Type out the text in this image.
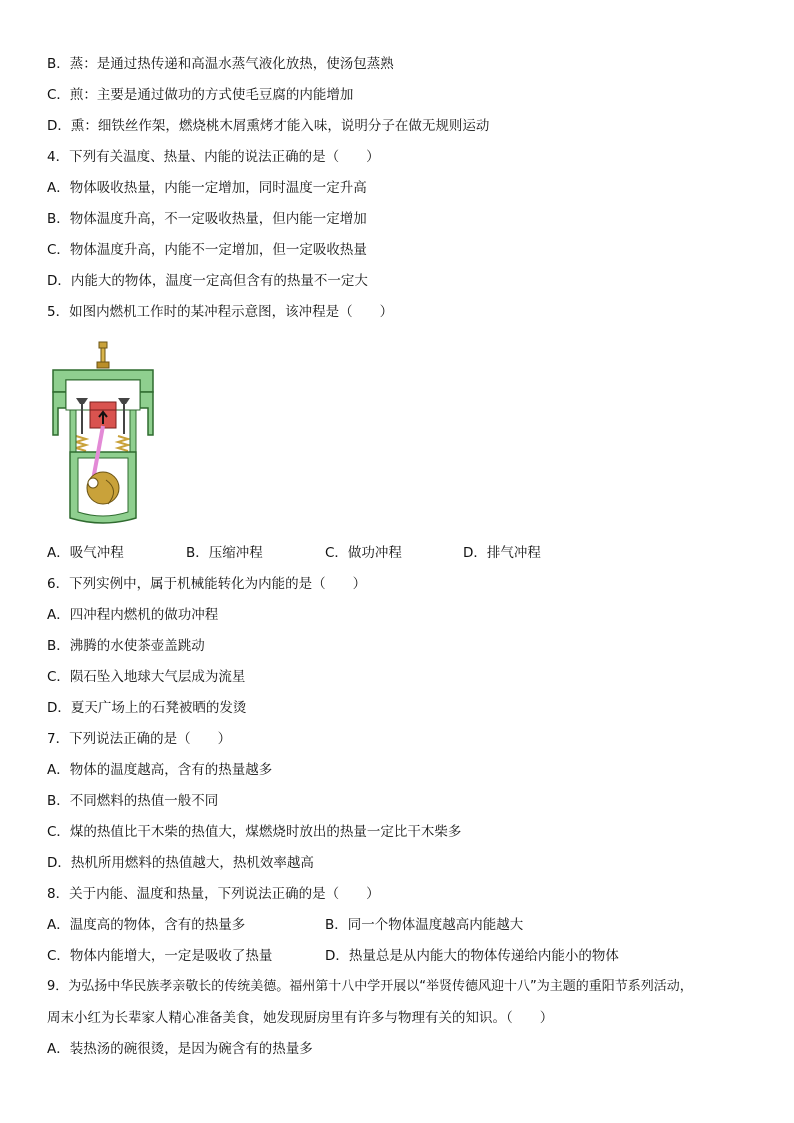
B．蒸：是通过热传递和高温水蒸气液化放热，使汤包蒸熟
C．煎：主要是通过做功的方式使毛豆腐的内能增加
D．熏：细铁丝作架，燃烧桃木屑熏烤才能入味，说明分子在做无规则运动
4．下列有关温度、热量、内能的说法正确的是（　　）
A．物体吸收热量，内能一定增加，同时温度一定升高
B．物体温度升高，不一定吸收热量，但内能一定增加
C．物体温度升高，内能不一定增加，但一定吸收热量
D．内能大的物体，温度一定高但含有的热量不一定大
5．如图内燃机工作时的某冲程示意图，该冲程是（　　）
A．吸气冲程	B．压缩冲程	C．做功冲程	D．排气冲程
6．下列实例中，属于机械能转化为内能的是（　　）
A．四冲程内燃机的做功冲程
B．沸腾的水使茶壶盖跳动
C．陨石坠入地球大气层成为流星
D．夏天广场上的石凳被晒的发烫
7．下列说法正确的是（　　）
A．物体的温度越高，含有的热量越多
B．不同燃料的热值一般不同
C．煤的热值比干木柴的热值大，煤燃烧时放出的热量一定比干木柴多
D．热机所用燃料的热值越大，热机效率越高
8．关于内能、温度和热量，下列说法正确的是（　　）
A．温度高的物体，含有的热量多	B．同一个物体温度越高内能越大
C．物体内能增大，一定是吸收了热量	D．热量总是从内能大的物体传递给内能小的物体
9．为弘扬中华民族孝亲敬长的传统美德。福州第十八中学开展以“举贤传德风迎十八”为主题的重阳节系列活动，
周末小红为长辈家人精心准备美食，她发现厨房里有许多与物理有关的知识。（　　）
A．装热汤的碗很烫，是因为碗含有的热量多
